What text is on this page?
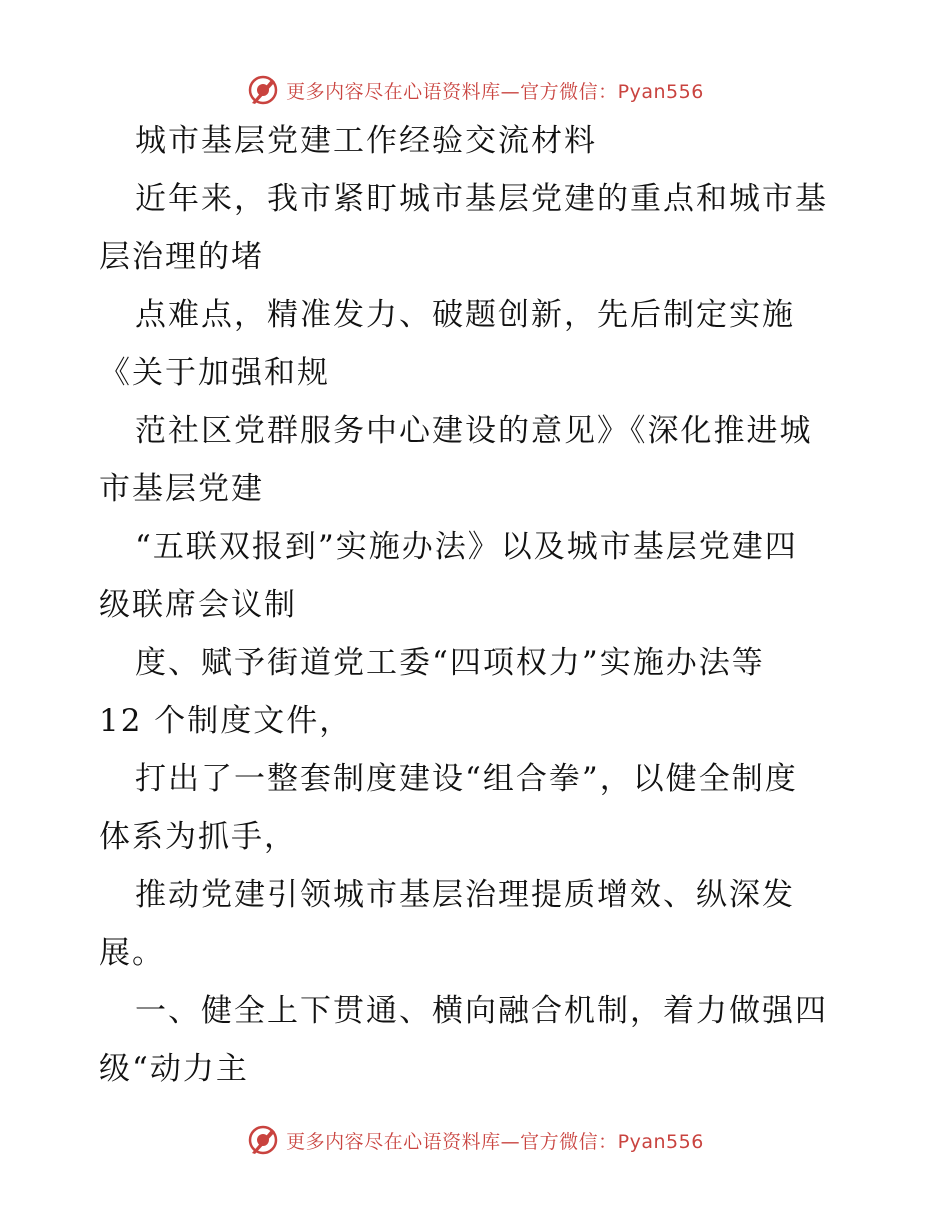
更多内容尽在心语资料库—官方微信：Pyan556
城市基层党建工作经验交流材料
近年来，我市紧盯城市基层党建的重点和城市基
层治理的堵
点难点，精准发力、破题创新，先后制定实施
《关于加强和规
范社区党群服务中心建设的意见》《深化推进城
市基层党建
“五联双报到”实施办法》以及城市基层党建四
级联席会议制
度、赋予街道党工委“四项权力”实施办法等
12 个制度文件，
打出了一整套制度建设“组合拳”，以健全制度
体系为抓手，
推动党建引领城市基层治理提质增效、纵深发
展。
一、健全上下贯通、横向融合机制，着力做强四
级“动力主
更多内容尽在心语资料库—官方微信：Pyan556
